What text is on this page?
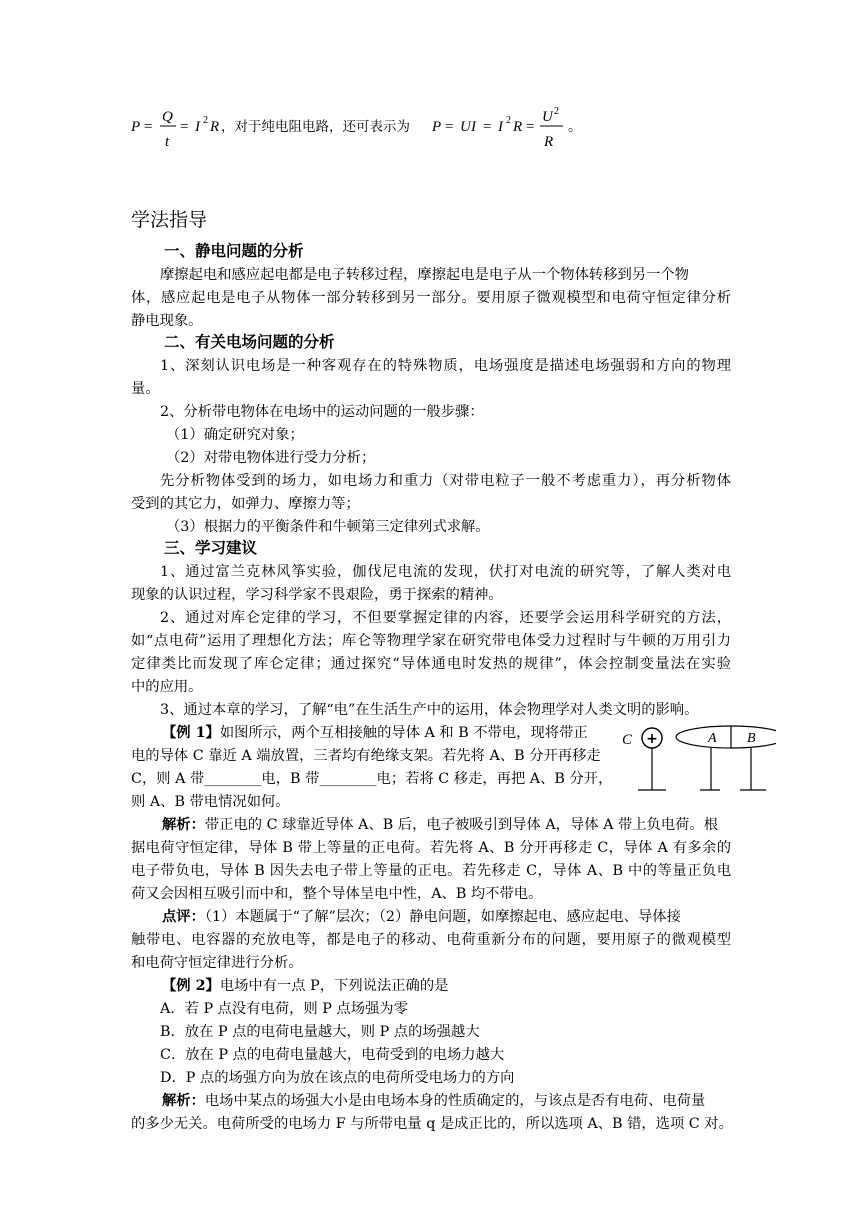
P =
Q
t
= I 2 R ，对于纯电阻电路，还可表示为 P = U I = I 2 R =
U 2
R
。
学法指导
一、静电问题的分析
摩擦起电和感应起电都是电子转移过程，摩擦起电是电子从一个物体转移到另一个物
体，感应起电是电子从物体一部分转移到另一部分。要用原子微观模型和电荷守恒定律分析
静电现象。
二、有关电场问题的分析
1、深刻认识电场是一种客观存在的特殊物质，电场强度是描述电场强弱和方向的物理
量。
2、分析带电物体在电场中的运动问题的一般步骤：
（1）确定研究对象；
（2）对带电物体进行受力分析；
先分析物体受到的场力，如电场力和重力（对带电粒子一般不考虑重力），再分析物体
受到的其它力，如弹力、摩擦力等；
（3）根据力的平衡条件和牛顿第三定律列式求解。
三、学习建议
1、通过富兰克林风筝实验，伽伐尼电流的发现，伏打对电流的研究等，了解人类对电
现象的认识过程，学习科学家不畏艰险，勇于探索的精神。
2、通过对库仑定律的学习，不但要掌握定律的内容，还要学会运用科学研究的方法，
如“点电荷”运用了理想化方法；库仑等物理学家在研究带电体受力过程时与牛顿的万用引力
定律类比而发现了库仑定律；通过探究“导体通电时发热的规律”，体会控制变量法在实验
中的应用。
3、通过本章的学习，了解“电”在生活生产中的运用，体会物理学对人类文明的影响。
【例 1】如图所示，两个互相接触的导体 A 和 B 不带电，现将带正
电的导体 C 靠近 A 端放置，三者均有绝缘支架。若先将 A、B 分开再移走
C，则 A 带________电，B 带________电；若将 C 移走，再把 A、B 分开，
则 A、B 带电情况如何。
C +	A B
解析：带正电的 C 球靠近导体 A、B 后，电子被吸引到导体 A，导体 A 带上负电荷。根
据电荷守恒定律，导体 B 带上等量的正电荷。若先将 A、B 分开再移走 C，导体 A 有多余的
电子带负电，导体 B 因失去电子带上等量的正电。若先移走 C，导体 A、B 中的等量正负电
荷又会因相互吸引而中和，整个导体呈电中性，A、B 均不带电。
点评：（1）本题属于“了解”层次；（2）静电问题，如摩擦起电、感应起电、导体接
触带电、电容器的充放电等，都是电子的移动、电荷重新分布的问题，要用原子的微观模型
和电荷守恒定律进行分析。
【例 2】电场中有一点 P，下列说法正确的是
A．若 P 点没有电荷，则 P 点场强为零
B．放在 P 点的电荷电量越大，则 P 点的场强越大
C．放在 P 点的电荷电量越大，电荷受到的电场力越大
D．P 点的场强方向为放在该点的电荷所受电场力的方向
解析：电场中某点的场强大小是由电场本身的性质确定的，与该点是否有电荷、电荷量
的多少无关。电荷所受的电场力 F 与所带电量 q 是成正比的，所以选项 A、B 错，选项 C 对。
